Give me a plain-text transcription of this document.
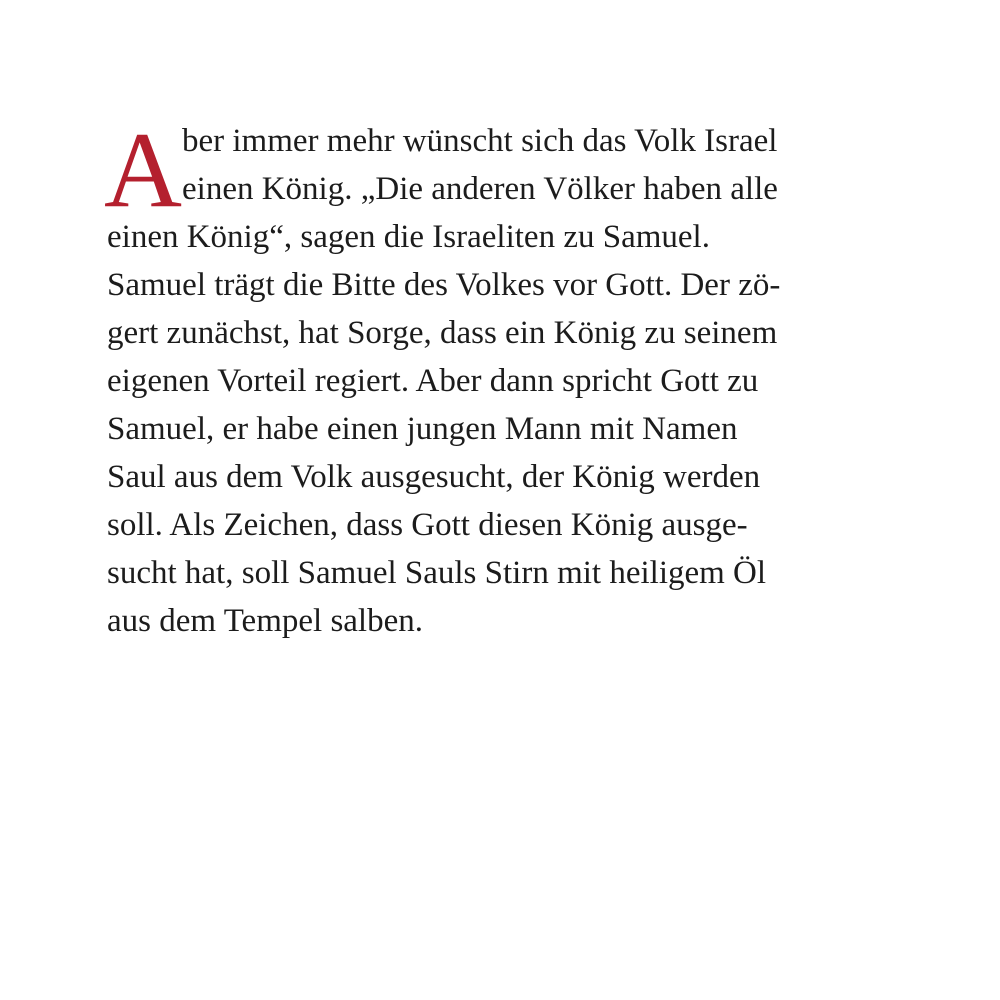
A ber immer mehr wünscht sich das Volk Israel
einen König. „Die anderen Völker haben alle
einen König“, sagen die Israeliten zu Samuel.
Samuel trägt die Bitte des Volkes vor Gott. Der zö-
gert zunächst, hat Sorge, dass ein König zu seinem
eigenen Vorteil regiert. Aber dann spricht Gott zu
Samuel, er habe einen jungen Mann mit Namen
Saul aus dem Volk ausgesucht, der König werden
soll. Als Zeichen, dass Gott diesen König ausge-
sucht hat, soll Samuel Sauls Stirn mit heiligem Öl
aus dem Tempel salben.
